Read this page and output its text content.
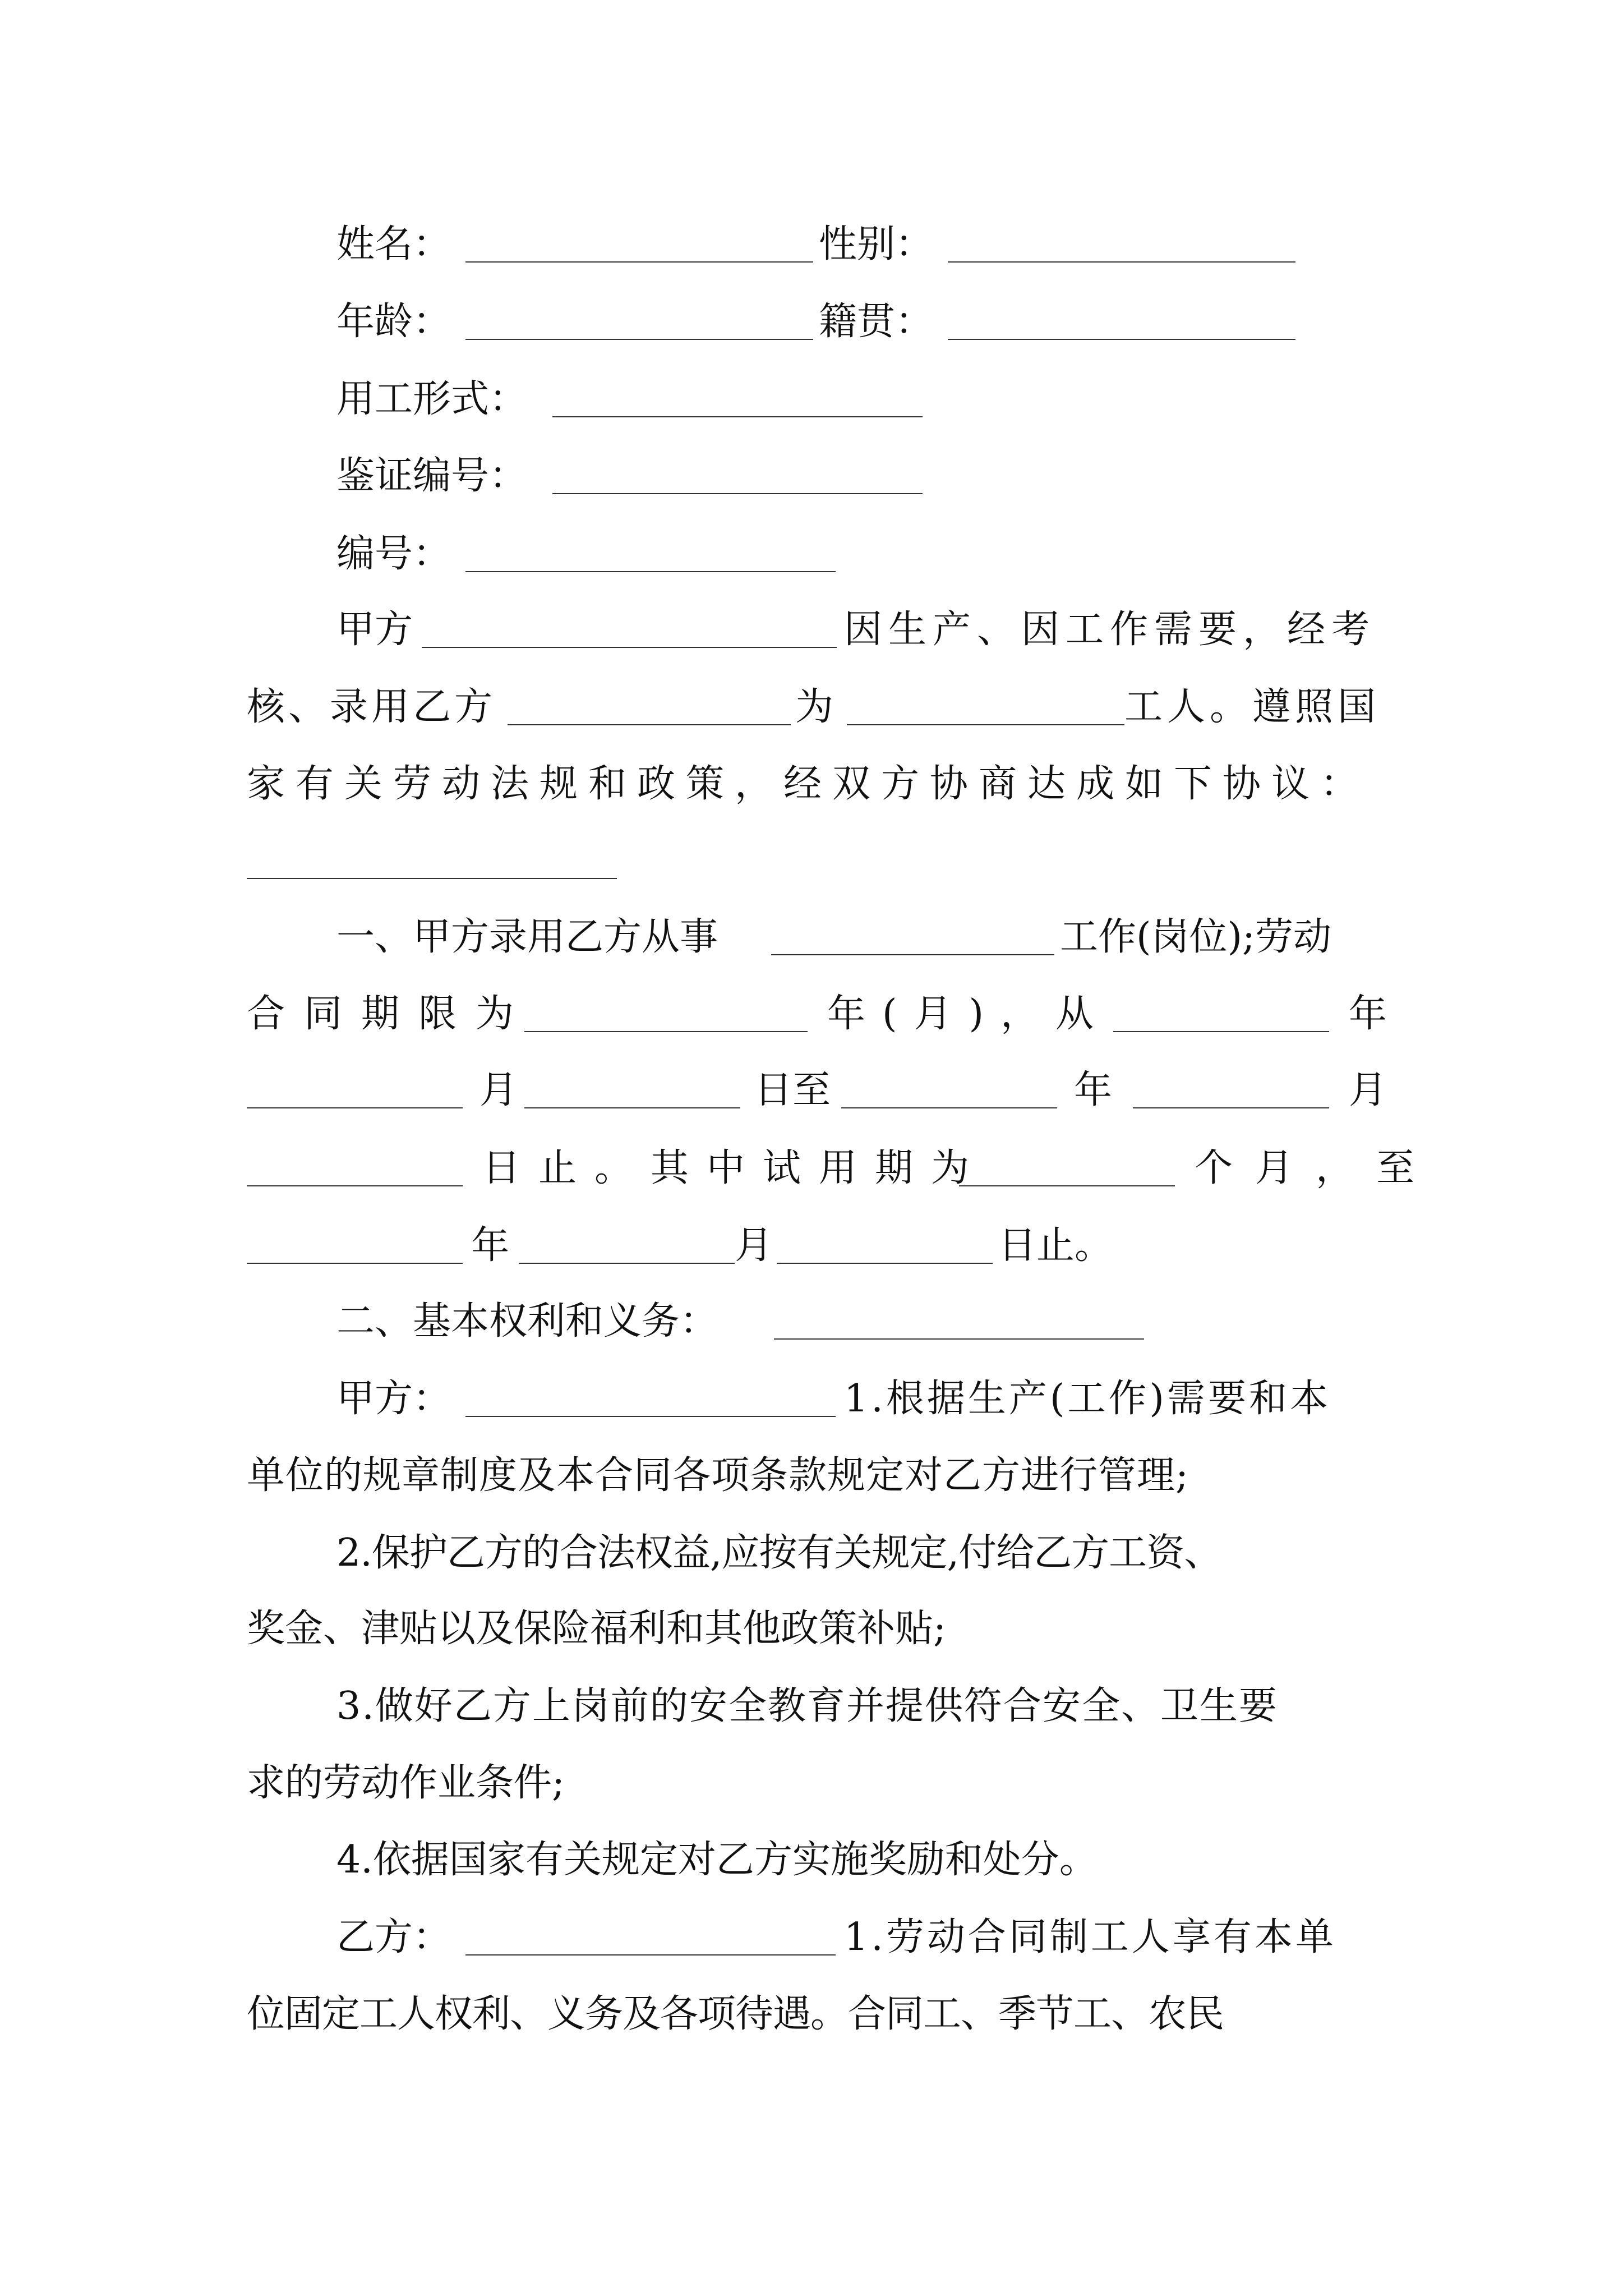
姓名：	性别：
年龄：	籍贯：
用工形式：
鉴证编号：
编号：
甲方	因生产、因工作需要，经考
核、录用乙方	为	工人。遵照国
家有关劳动法规和政策，经双方协商达成如下协议：
一、甲方录用乙方从事	工作(岗位);劳动
合同期限为	年(月)，从	年
月	日至	年	月
日止。其中试用期为	个月，至
年	月	日止。
二、基本权利和义务：
甲方：	1.根据生产(工作)需要和本
单位的规章制度及本合同各项条款规定对乙方进行管理;
2.保护乙方的合法权益,应按有关规定,付给乙方工资、
奖金、津贴以及保险福利和其他政策补贴;
3.做好乙方上岗前的安全教育并提供符合安全、卫生要
求的劳动作业条件;
4.依据国家有关规定对乙方实施奖励和处分。
乙方：	1.劳动合同制工人享有本单
位固定工人权利、义务及各项待遇。合同工、季节工、农民
